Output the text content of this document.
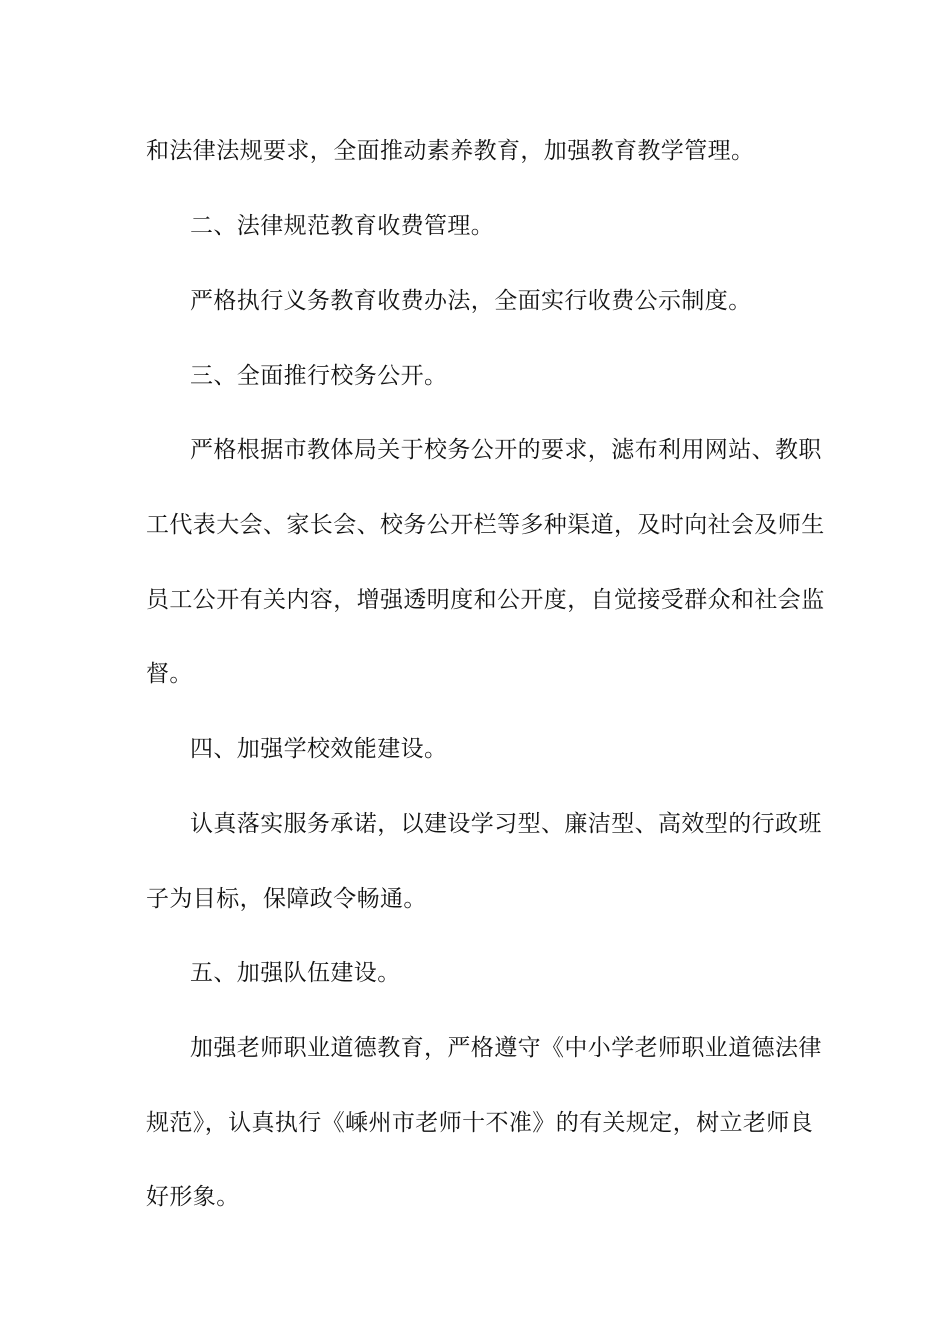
和法律法规要求，全面推动素养教育，加强教育教学管理。
二、法律规范教育收费管理。
严格执行义务教育收费办法，全面实行收费公示制度。
三、全面推行校务公开。
严格根据市教体局关于校务公开的要求，滤布利用网站、教职
工代表大会、家长会、校务公开栏等多种渠道，及时向社会及师生
员工公开有关内容，增强透明度和公开度，自觉接受群众和社会监
督。
四、加强学校效能建设。
认真落实服务承诺，以建设学习型、廉洁型、高效型的行政班
子为目标，保障政令畅通。
五、加强队伍建设。
加强老师职业道德教育，严格遵守《中小学老师职业道德法律
规范》，认真执行《嵊州市老师十不准》的有关规定，树立老师良
好形象。
